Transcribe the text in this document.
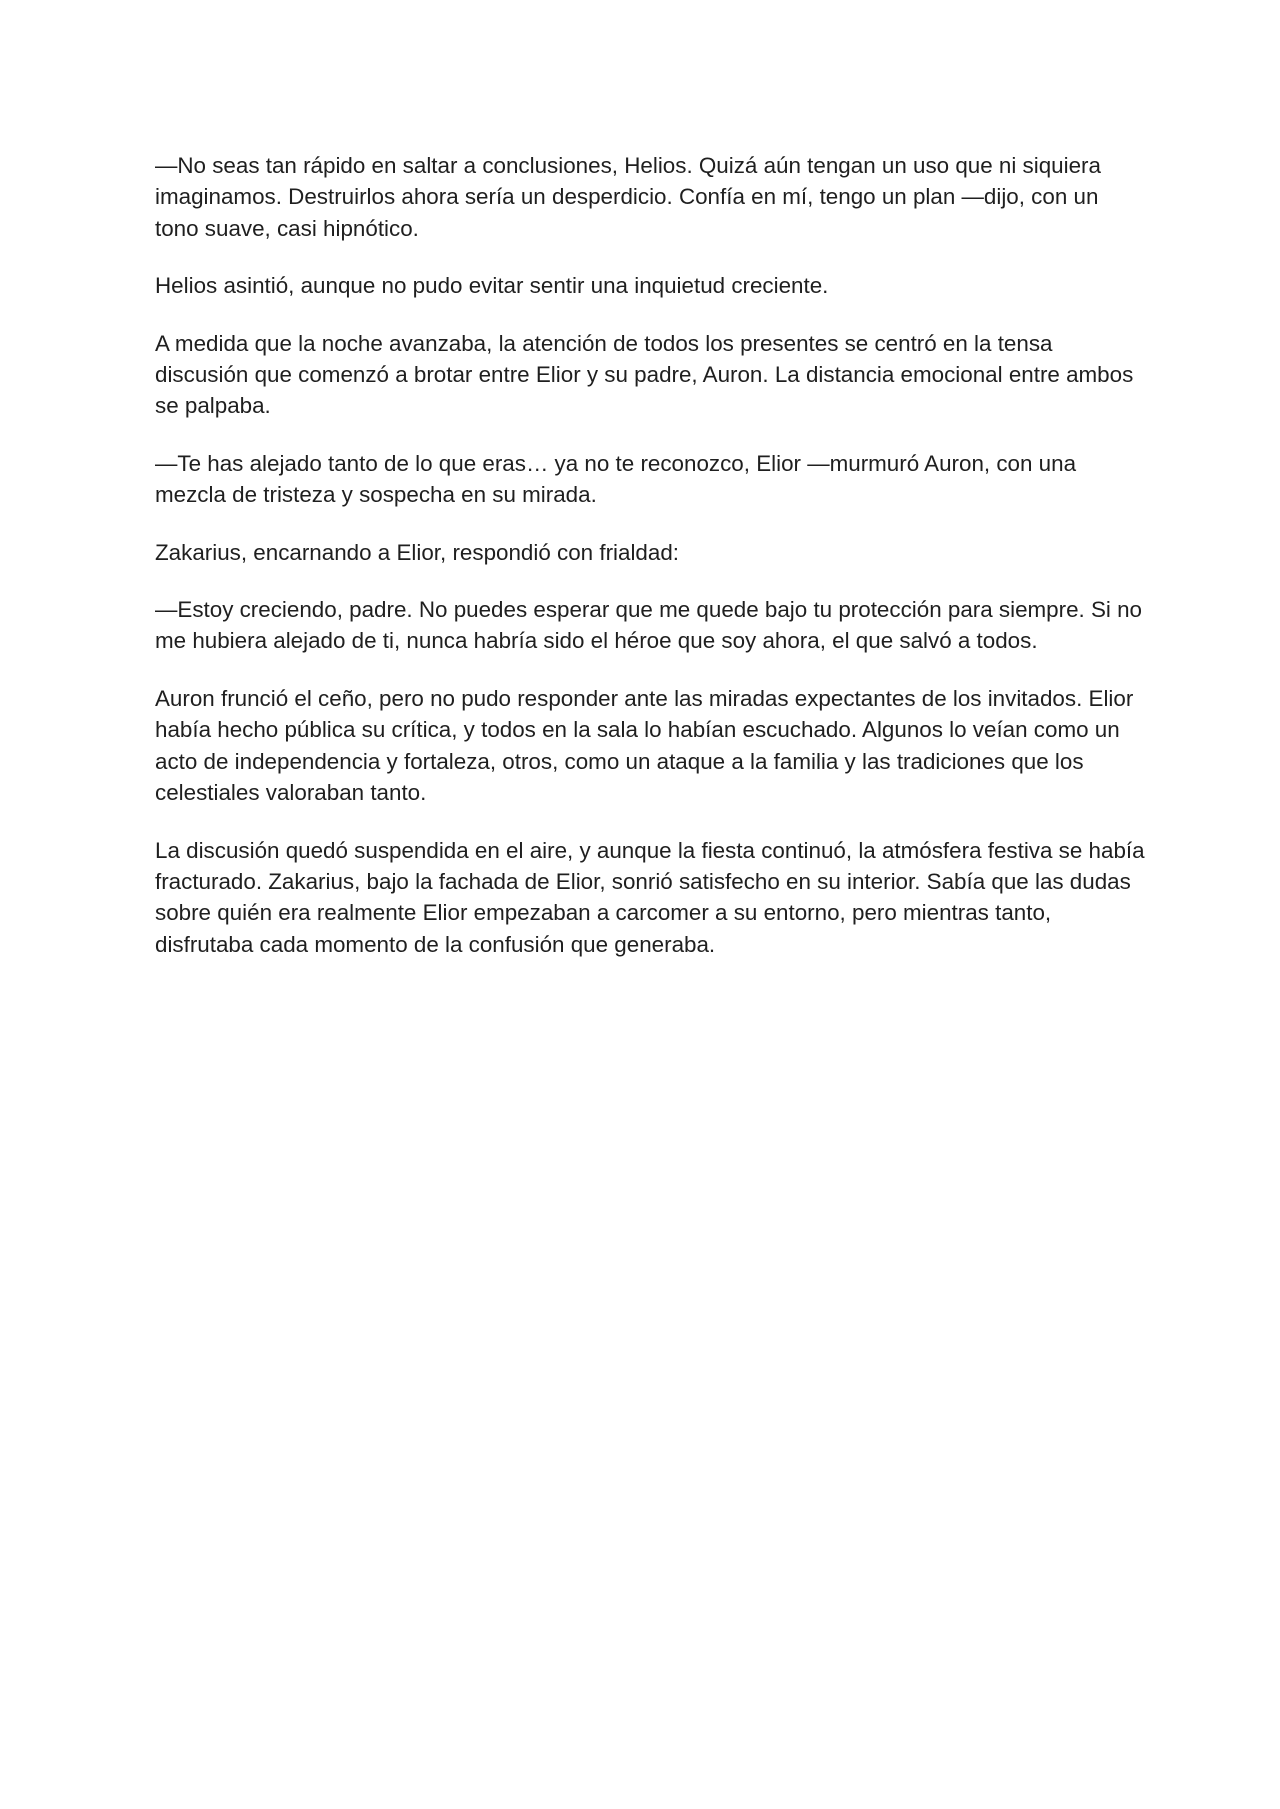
—No seas tan rápido en saltar a conclusiones, Helios. Quizá aún tengan un uso que ni siquiera imaginamos. Destruirlos ahora sería un desperdicio. Confía en mí, tengo un plan —dijo, con un tono suave, casi hipnótico.

Helios asintió, aunque no pudo evitar sentir una inquietud creciente.

A medida que la noche avanzaba, la atención de todos los presentes se centró en la tensa discusión que comenzó a brotar entre Elior y su padre, Auron. La distancia emocional entre ambos se palpaba.

—Te has alejado tanto de lo que eras… ya no te reconozco, Elior —murmuró Auron, con una mezcla de tristeza y sospecha en su mirada.

Zakarius, encarnando a Elior, respondió con frialdad:

—Estoy creciendo, padre. No puedes esperar que me quede bajo tu protección para siempre. Si no me hubiera alejado de ti, nunca habría sido el héroe que soy ahora, el que salvó a todos.

Auron frunció el ceño, pero no pudo responder ante las miradas expectantes de los invitados. Elior había hecho pública su crítica, y todos en la sala lo habían escuchado. Algunos lo veían como un acto de independencia y fortaleza, otros, como un ataque a la familia y las tradiciones que los celestiales valoraban tanto.

La discusión quedó suspendida en el aire, y aunque la fiesta continuó, la atmósfera festiva se había fracturado. Zakarius, bajo la fachada de Elior, sonrió satisfecho en su interior. Sabía que las dudas sobre quién era realmente Elior empezaban a carcomer a su entorno, pero mientras tanto, disfrutaba cada momento de la confusión que generaba.
